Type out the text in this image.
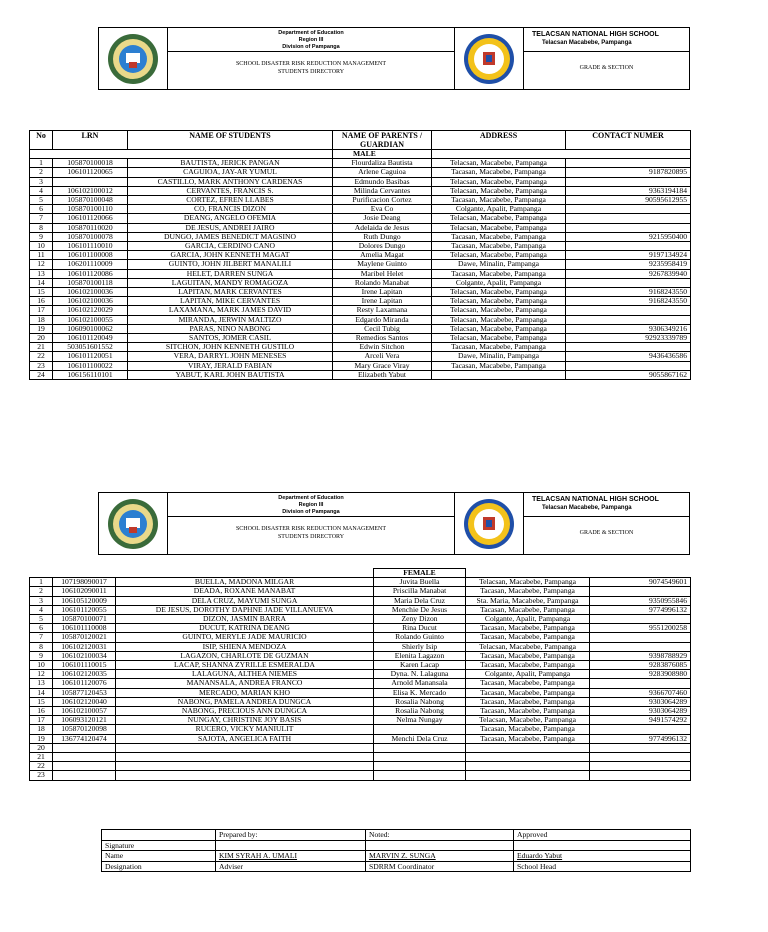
Department of Education
Region III
Division of Pampanga
SCHOOL DISASTER RISK REDUCTION MANAGEMENT
STUDENTS DIRECTORY
TELACSAN NATIONAL HIGH SCHOOL
Telacsan Macabebe, Pampanga
GRADE & SECTION
No	LRN	NAME OF STUDENTS	NAME OF PARENTS / GUARDIAN	ADDRESS	CONTACT NUMER
			MALE		
1	105870100018	BAUTISTA, JERICK PANGAN	Flourdaliza Bautista	Telacsan, Macabebe, Pampanga	
2	106101120065	CAGUIOA, JAY-AR YUMUL	Arlene Caguioa	Tacasan, Macabebe, Pampanga	9187820895
3		CASTILLO, MARK ANTHONY CARDENAS	Edmundo Basibas	Telacsan, Macabebe, Pampanga	
4	106102100012	CERVANTES, FRANCIS S.	Milinda Cervantes	Telacsan, Macabebe, Pampanga	9363194184
5	105870100048	CORTEZ, EFREN LLABES	Purificacion Cortez	Tacasan, Macabebe, Pampanga	90595612955
6	105870100110	CO, FRANCIS DIZON	Eva Co	Colgante, Apalit, Pampanga	
7	106101120066	DEANG, ANGELO OFEMIA	Josie Deang	Telacsan, Macabebe, Pampanga	
8	105870110020	DE JESUS, ANDREI JAIRO	Adelaida de Jesus	Telacsan, Macabebe, Pampanga	
9	105870100078	DUNGO, JAMES BENEDICT MAGSINO	Ruth Dungo	Tacasan, Macabebe, Pampanga	9215950400
10	106101110010	GARCIA, CERDINO CANO	Dolores Dungo	Tacasan, Macabebe, Pampanga	
11	106101100008	GARCIA, JOHN KENNETH MAGAT	Amelia Magat	Telacsan, Macabebe, Pampanga	9197134924
12	106201110009	GUINTO, JOHN JILBERT MANALILI	Maylene Guinto	Dawe, Minalin, Pampanga	9235958419
13	106101120086	HELET, DARREN SUNGA	Maribel Helet	Tacasan, Macabebe, Pampanga	9267839940
14	105870100118	LAGUITAN, MANDY ROMAGOZA	Rolando Manabat	Colgante, Apalit, Pampanga	
15	106102100036	LAPITAN, MARK CERVANTES	Irene Lapitan	Telacsan, Macabebe, Pampanga	9168243550
16	106102100036	LAPITAN, MIKE CERVANTES	Irene Lapitan	Telacsan, Macabebe, Pampanga	9168243550
17	106102120029	LAXAMANA, MARK JAMES DAVID	Resty Laxamana	Telacsan, Macabebe, Pampanga	
18	106102100055	MIRANDA, JERWIN MALTIZO	Edgardo Miranda	Telacsan, Macabebe, Pampanga	
19	106090100062	PARAS, NINO NABONG	Cecil Tubig	Telacsan, Macabebe, Pampanga	9306349216
20	106101120049	SANTOS, JOMER CASIL	Remedios Santos	Telacsan, Macabebe, Pampanga	92923339789
21	503051601552	SITCHON, JOHN KENNETH GUSTILO	Edwin Sitchon	Tacasan, Macabebe, Pampanga	
22	106101120051	VERA, DARRYL JOHN MENESES	Arceli Vera	Dawe, Minalin, Pampanga	9436436586
23	106101100022	VIRAY, JERALD FABIAN	Mary Grace Viray	Tacasan, Macabebe, Pampanga	
24	106156110101	YABUT, KARL JOHN BAUTISTA	Elizabeth Yabut		9055867162
Department of Education
Region III
Division of Pampanga
SCHOOL DISASTER RISK REDUCTION MANAGEMENT
STUDENTS DIRECTORY
TELACSAN NATIONAL HIGH SCHOOL
Telacsan Macabebe, Pampanga
GRADE & SECTION
			FEMALE		
1	107198090017	BUELLA, MADONA MILGAR	Juvita Buella	Telacsan, Macabebe, Pampanga	9074549601
2	106102090011	DEADA, ROXANE MANABAT	Priscilla Manabat	Tacasan, Macabebe, Pampanga	
3	106105120009	DELA CRUZ, MAYUMI SUNGA	Maria Dela Cruz	Sta. Maria, Macabebe, Pampanga	9350955846
4	106101120055	DE JESUS, DOROTHY DAPHNE JADE VILLANUEVA	Menchie De Jesus	Tacasan, Macabebe, Pampanga	9774996132
5	105870100071	DIZON, JASMIN BARRA	Zeny Dizon	Colgante, Apalit, Pampanga	
6	106101110008	DUCUT, KATRINA DEANG	Rina Ducut	Tacasan, Macabebe, Pampanga	9551200258
7	105870120021	GUINTO, MERYLE JADE MAURICIO	Rolando Guinto	Tacasan, Macabebe, Pampanga	
8	106102120031	ISIP, SHIENA MENDOZA	Shierly Isip	Telacsan, Macabebe, Pampanga	
9	106102100034	LAGAZON, CHARLOTE DE GUZMAN	Elenita Lagazon	Tacasan, Macabebe, Pampanga	9398788929
10	106101110015	LACAP, SHANNA ZYRILLE ESMERALDA	Karen Lacap	Tacasan, Macabebe, Pampanga	9283876085
12	106102120035	LALAGUNA, ALTHEA NIEMES	Dyna. N. Lalaguna	Colgante, Apalit, Pampanga	9283908980
13	106101120076	MANANSALA, ANDREA FRANCO	Arnold Manansala	Tacasan, Macabebe, Pampanga	
14	105877120453	MERCADO, MARIAN KHO	Elisa K. Mercado	Tacasan, Macabebe, Pampanga	9366707460
15	106102120040	NABONG, PAMELA ANDREA DUNGCA	Rosalia Nabong	Tacasan, Macabebe, Pampanga	9303064289
16	106102100057	NABONG, PRECIOUS ANN DUNGCA	Rosalia Nabong	Tacasan, Macabebe, Pampanga	9303064289
17	106093120121	NUNGAY, CHRISTINE JOY BASIS	Nelma Nungay	Telacsan, Macabebe, Pampanga	9491574292
18	105870120098	RUCERO, VICKY MANIULIT		Tacasan, Macabebe, Pampanga	
19	136774120474	SAJOTA, ANGELICA FAITH	Menchi Dela Cruz	Tacasan, Macabebe, Pampanga	9774996132
20					
21					
22					
23					
	Prepared by:	Noted:	Approved
Signature			
Name	KIM SYRAH A. UMALI	MARVIN Z. SUNGA	Eduardo Yabut
Designation	Adviser	SDRRM Coordinator	School Head
